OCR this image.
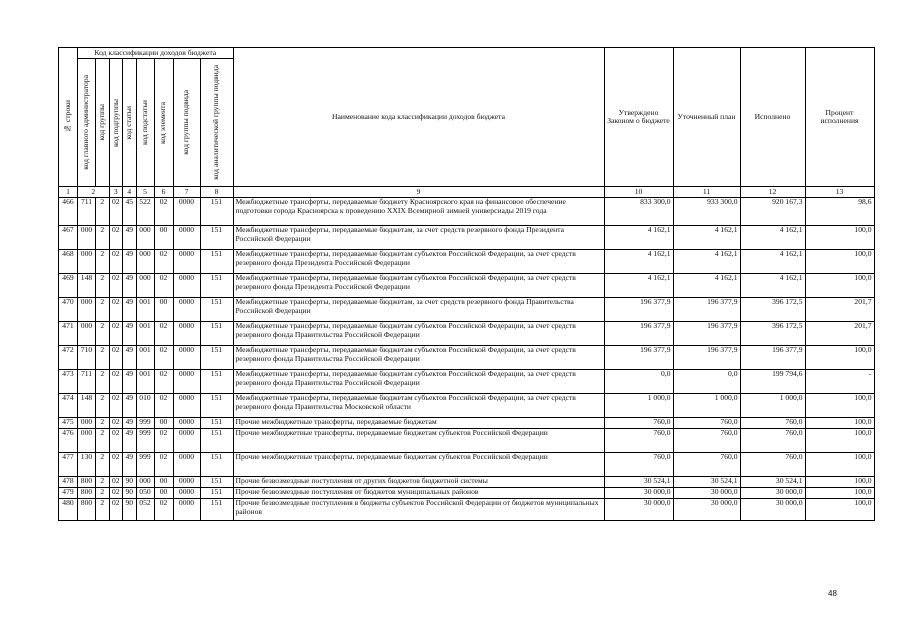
№ строки	Код классификации доходов бюджета								Наименование кода классификации доходов бюджета	Утверждено Законом о бюджете	Уточненный план	Исполнено	Процент исполнения

	код главного администратора	код группы	код подгруппы	код статьи	код подстатьи	код элемента	код группы подвида	код аналитической группы подвида					

1	2		3	4	5	6	7	8	9	10	11	12	13
466	711	2	02	45	522	02	0000	151	Межбюджетные трансферты, передаваемые бюджету Красноярского края на финансовое обеспечение подготовки города Красноярска к проведению XXIX Всемирной зимней универсиады 2019 года	833 300,0	933 300,0	920 167,3	98,6
467	000	2	02	49	000	00	0000	151	Межбюджетные трансферты, передаваемые бюджетам, за счет средств резервного фонда Президента Российской Федерации	4 162,1	4 162,1	4 162,1	100,0
468	000	2	02	49	000	02	0000	151	Межбюджетные трансферты, передаваемые бюджетам субъектов Российской Федерации, за счет средств резервного фонда Президента Российской Федерации	4 162,1	4 162,1	4 162,1	100,0
469	148	2	02	49	000	02	0000	151	Межбюджетные трансферты, передаваемые бюджетам субъектов Российской Федерации, за счет средств резервного фонда Президента Российской Федерации	4 162,1	4 162,1	4 162,1	100,0
470	000	2	02	49	001	00	0000	151	Межбюджетные трансферты, передаваемые бюджетам, за счет средств резервного фонда Правительства Российской Федерации	196 377,9	196 377,9	396 172,5	201,7
471	000	2	02	49	001	02	0000	151	Межбюджетные трансферты, передаваемые бюджетам субъектов Российской Федерации, за счет средств резервного фонда Правительства Российской Федерации	196 377,9	196 377,9	396 172,5	201,7
472	710	2	02	49	001	02	0000	151	Межбюджетные трансферты, передаваемые бюджетам субъектов Российской Федерации, за счет средств резервного фонда Правительства Российской Федерации	196 377,9	196 377,9	196 377,9	100,0
473	711	2	02	49	001	02	0000	151	Межбюджетные трансферты, передаваемые бюджетам субъектов Российской Федерации, за счет средств резервного фонда Правительства Российской Федерации	0,0	0,0	199 794,6	-
474	148	2	02	49	010	02	0000	151	Межбюджетные трансферты, передаваемые бюджетам субъектов Российской Федерации, за счет средств резервного фонда Правительства Московской области	1 000,0	1 000,0	1 000,0	100,0
475	000	2	02	49	999	00	0000	151	Прочие межбюджетные трансферты, передаваемые бюджетам	760,0	760,0	760,0	100,0
476	000	2	02	49	999	02	0000	151	Прочие межбюджетные трансферты, передаваемые бюджетам субъектов Российской Федерации	760,0	760,0	760,0	100,0
477	130	2	02	49	999	02	0000	151	Прочие межбюджетные трансферты, передаваемые бюджетам субъектов Российской Федерации	760,0	760,0	760,0	100,0
478	800	2	02	90	000	00	0000	151	Прочие безвозмездные поступления от других бюджетов бюджетной системы	30 524,1	30 524,1	30 524,1	100,0
479	800	2	02	90	050	00	0000	151	Прочие безвозмездные поступления от бюджетов муниципальных районов	30 000,0	30 000,0	30 000,0	100,0
480	800	2	02	90	052	02	0000	151	Прочие безвозмездные поступления в бюджеты субъектов Российской Федерации от бюджетов муниципальных районов	30 000,0	30 000,0	30 000,0	100,0
48
